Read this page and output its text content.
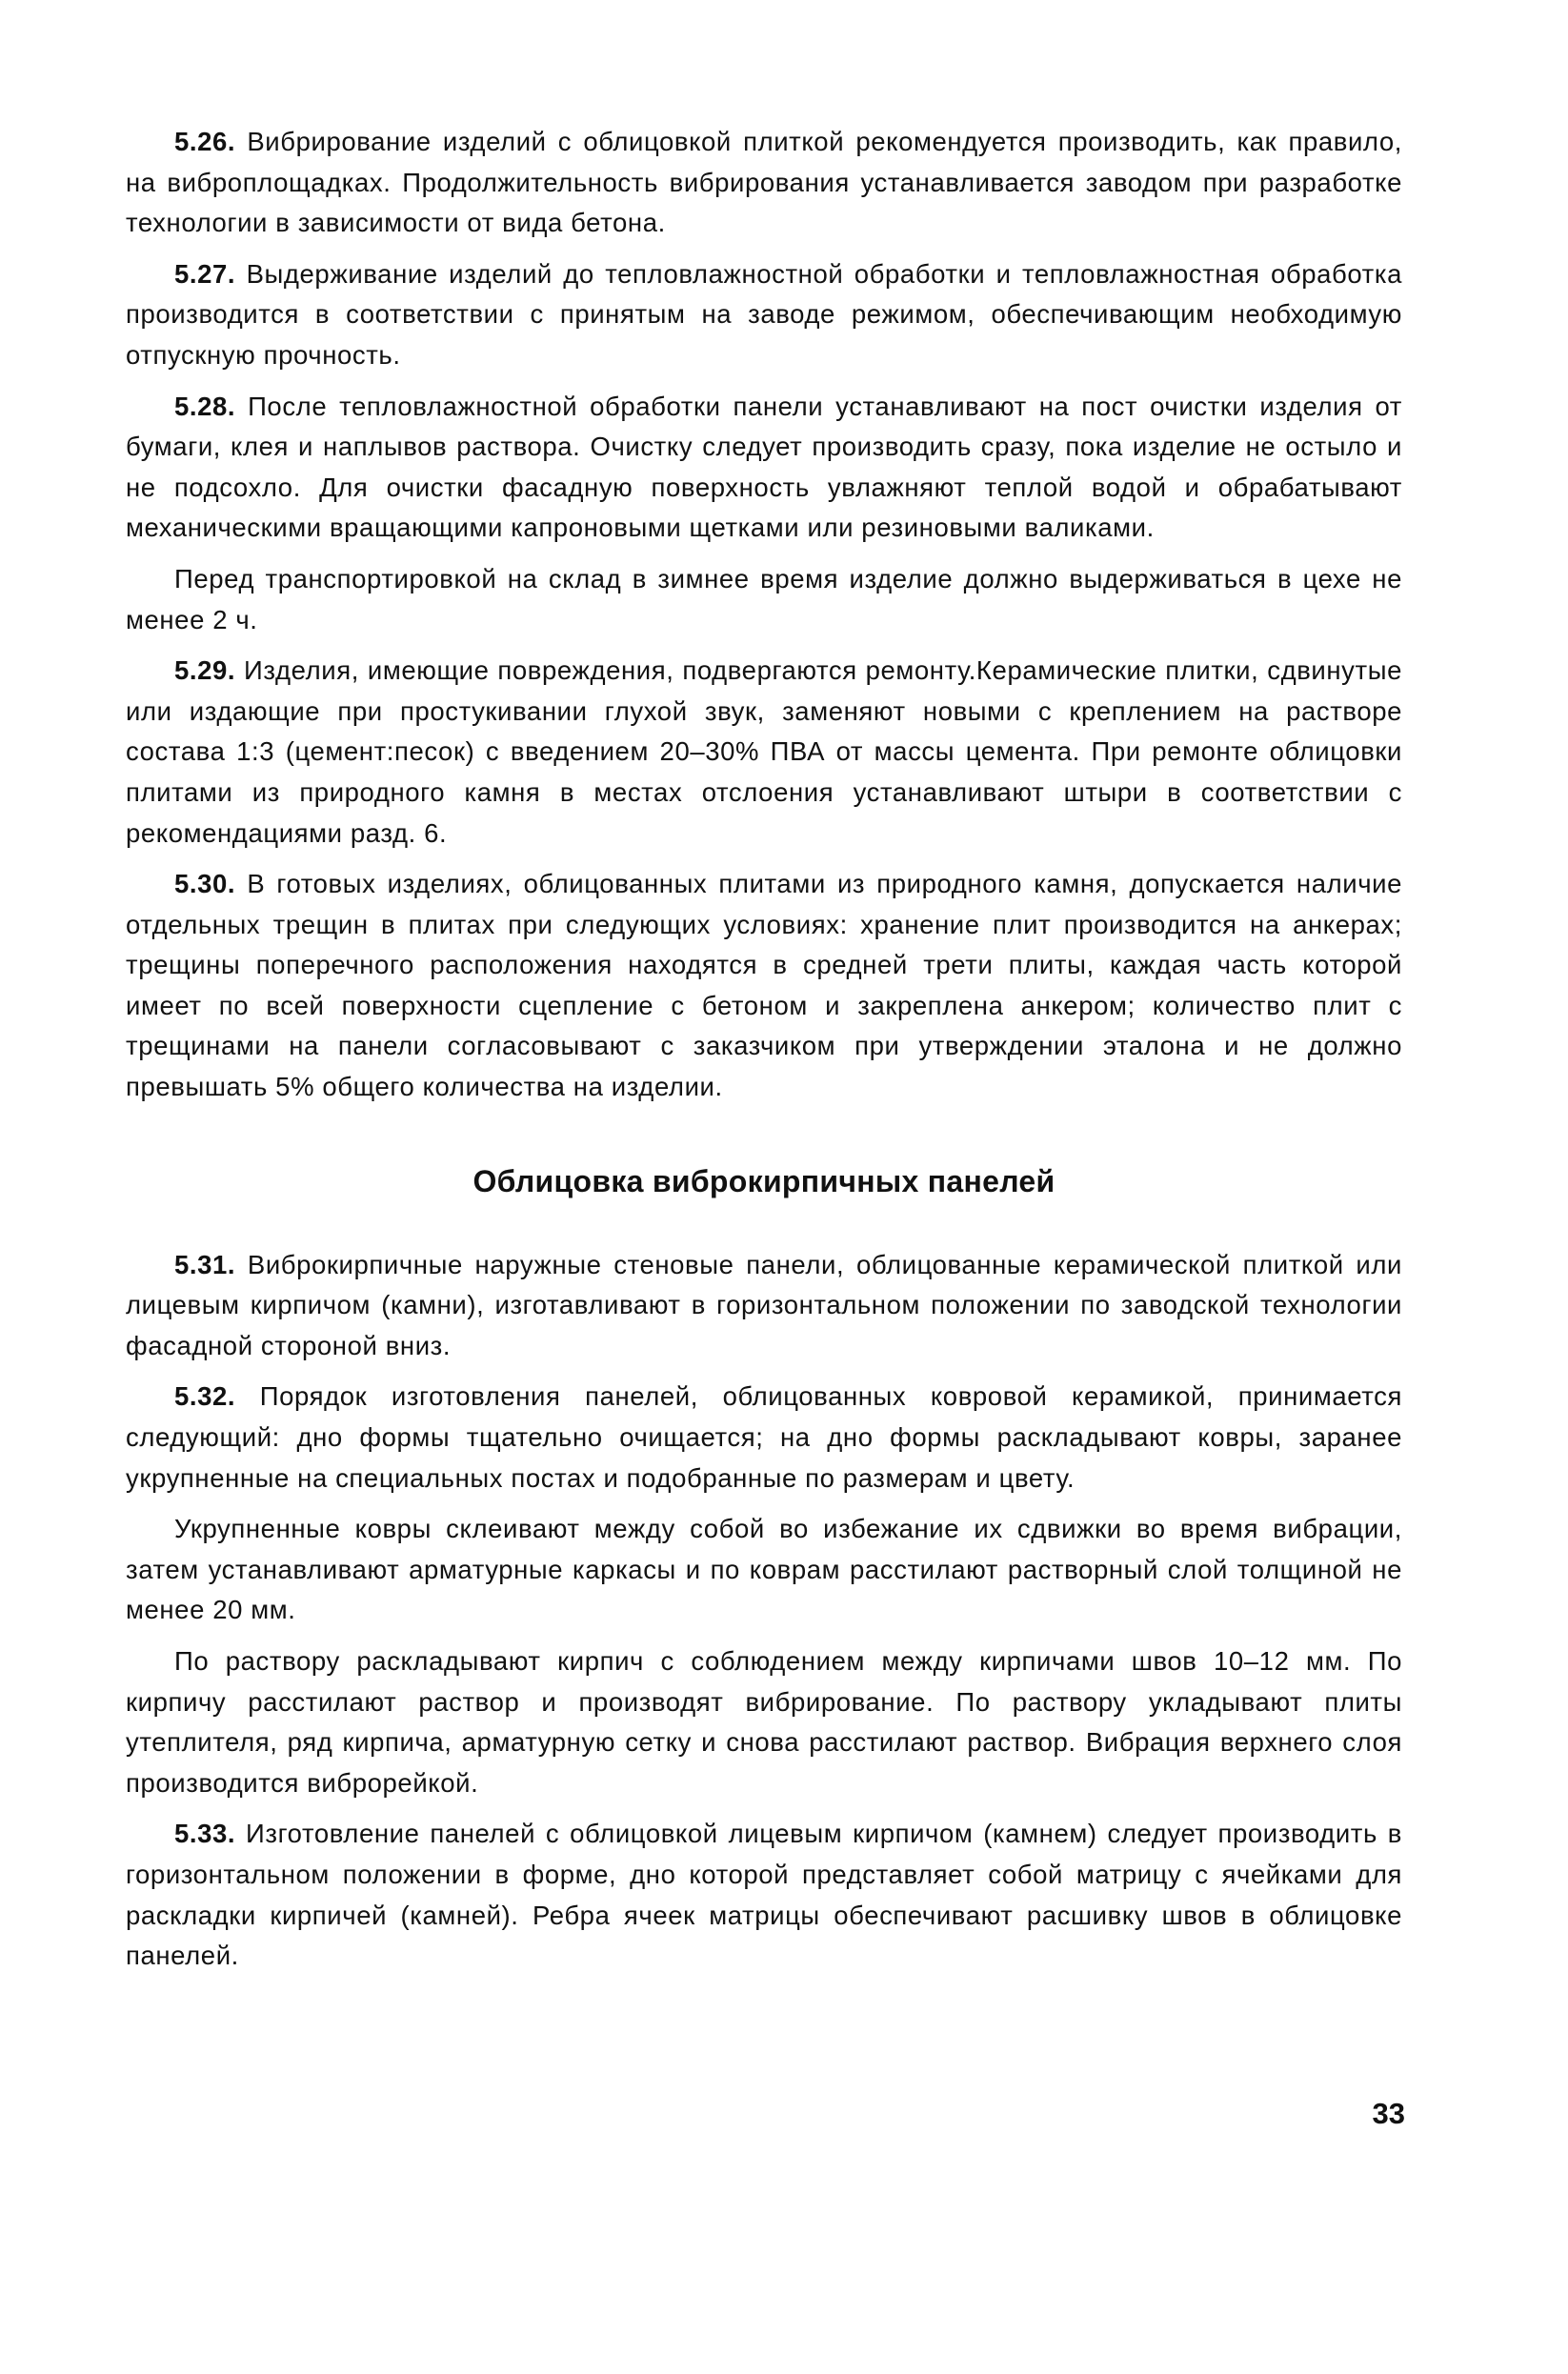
5.26. Вибрирование изделий с облицовкой плиткой рекомендуется производить, как правило, на виброплощадках. Продолжительность вибрирования устанавливается заводом при разработке технологии в зависимости от вида бетона.

5.27. Выдерживание изделий до тепловлажностной обработки и тепловлажностная обработка производится в соответствии с принятым на заводе режимом, обеспечивающим необходимую отпускную прочность.

5.28. После тепловлажностной обработки панели устанавливают на пост очистки изделия от бумаги, клея и наплывов раствора. Очистку следует производить сразу, пока изделие не остыло и не подсохло. Для очистки фасадную поверхность увлажняют теплой водой и обрабатывают механическими вращающими капроновыми щетками или резиновыми валиками.

Перед транспортировкой на склад в зимнее время изделие должно выдерживаться в цехе не менее 2 ч.

5.29. Изделия, имеющие повреждения, подвергаются ремонту.Керамические плитки, сдвинутые или издающие при простукивании глухой звук, заменяют новыми с креплением на растворе состава 1:3 (цемент:песок) с введением 20–30% ПВА от массы цемента. При ремонте облицовки плитами из природного камня в местах отслоения устанавливают штыри в соответствии с рекомендациями разд. 6.

5.30. В готовых изделиях, облицованных плитами из природного камня, допускается наличие отдельных трещин в плитах при следующих условиях: хранение плит производится на анкерах; трещины поперечного расположения находятся в средней трети плиты, каждая часть которой имеет по всей поверхности сцепление с бетоном и закреплена анкером; количество плит с трещинами на панели согласовывают с заказчиком при утверждении эталона и не должно превышать 5% общего количества на изделии.

Облицовка виброкирпичных панелей

5.31. Виброкирпичные наружные стеновые панели, облицованные керамической плиткой или лицевым кирпичом (камни), изготавливают в горизонтальном положении по заводской технологии фасадной стороной вниз.

5.32. Порядок изготовления панелей, облицованных ковровой керамикой, принимается следующий: дно формы тщательно очищается; на дно формы раскладывают ковры, заранее укрупненные на специальных постах и подобранные по размерам и цвету.

Укрупненные ковры склеивают между собой во избежание их сдвижки во время вибрации, затем устанавливают арматурные каркасы и по коврам расстилают растворный слой толщиной не менее 20 мм.

По раствору раскладывают кирпич с соблюдением между кирпичами швов 10–12 мм. По кирпичу расстилают раствор и производят вибрирование. По раствору укладывают плиты утеплителя, ряд кирпича, арматурную сетку и снова расстилают раствор. Вибрация верхнего слоя производится виброрейкой.

5.33. Изготовление панелей с облицовкой лицевым кирпичом (камнем) следует производить в горизонтальном положении в форме, дно которой представляет собой матрицу с ячейками для раскладки кирпичей (камней). Ребра ячеек матрицы обеспечивают расшивку швов в облицовке панелей.

33
